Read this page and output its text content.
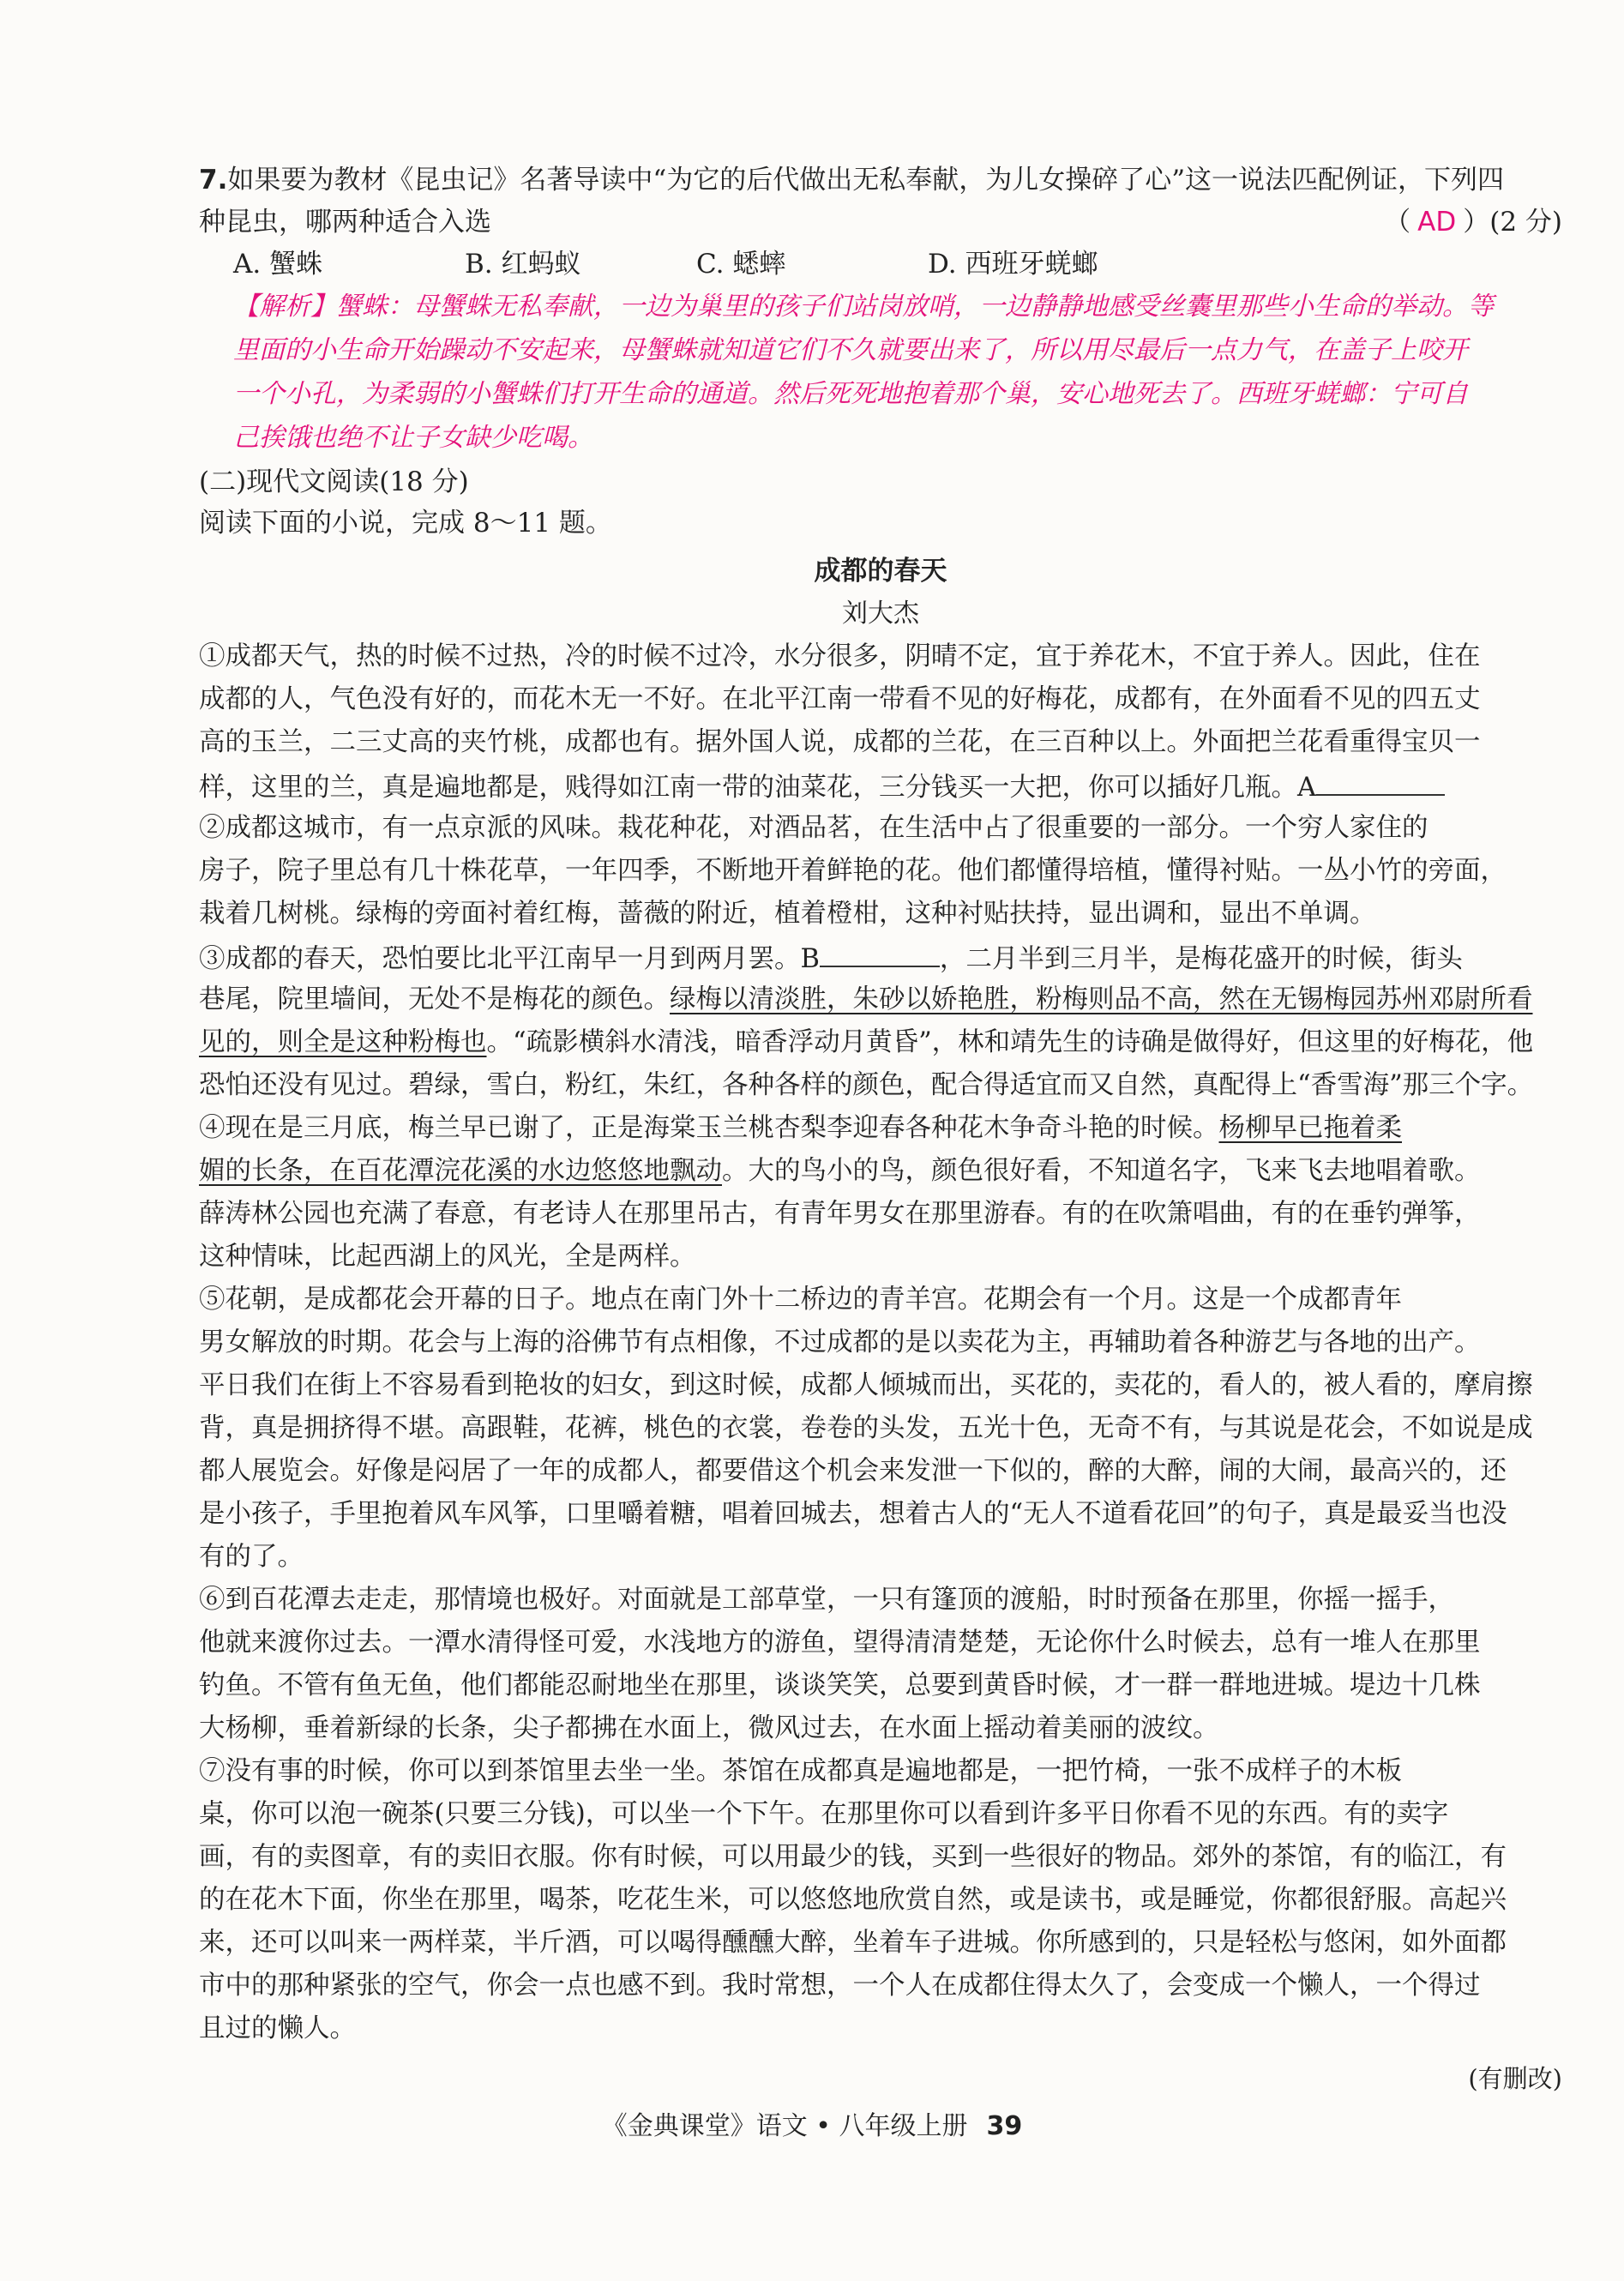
7.如果要为教材《昆虫记》名著导读中“为它的后代做出无私奉献，为儿女操碎了心”这一说法匹配例证，下列四
种昆虫，哪两种适合入选	（ AD ）(2 分)
A. 蟹蛛	B. 红蚂蚁	C. 蟋蟀	D. 西班牙蜣螂
【解析】蟹蛛：母蟹蛛无私奉献，一边为巢里的孩子们站岗放哨，一边静静地感受丝囊里那些小生命的举动。等
里面的小生命开始躁动不安起来，母蟹蛛就知道它们不久就要出来了，所以用尽最后一点力气，在盖子上咬开
一个小孔，为柔弱的小蟹蛛们打开生命的通道。然后死死地抱着那个巢，安心地死去了。西班牙蜣螂：宁可自
己挨饿也绝不让子女缺少吃喝。
(二)现代文阅读(18 分)
阅读下面的小说，完成 8～11 题。
成都的春天
刘大杰
①成都天气，热的时候不过热，冷的时候不过冷，水分很多，阴晴不定，宜于养花木，不宜于养人。因此，住在
成都的人，气色没有好的，而花木无一不好。在北平江南一带看不见的好梅花，成都有，在外面看不见的四五丈
高的玉兰，二三丈高的夹竹桃，成都也有。据外国人说，成都的兰花，在三百种以上。外面把兰花看重得宝贝一
样，这里的兰，真是遍地都是，贱得如江南一带的油菜花，三分钱买一大把，你可以插好几瓶。A
②成都这城市，有一点京派的风味。栽花种花，对酒品茗，在生活中占了很重要的一部分。一个穷人家住的
房子，院子里总有几十株花草，一年四季，不断地开着鲜艳的花。他们都懂得培植，懂得衬贴。一丛小竹的旁面，
栽着几树桃。绿梅的旁面衬着红梅，蔷薇的附近，植着橙柑，这种衬贴扶持，显出调和，显出不单调。
③成都的春天，恐怕要比北平江南早一月到两月罢。B	，二月半到三月半，是梅花盛开的时候，街头
巷尾，院里墙间，无处不是梅花的颜色。绿梅以清淡胜，朱砂以娇艳胜，粉梅则品不高，然在无锡梅园苏州邓尉所看
见的，则全是这种粉梅也。“疏影横斜水清浅，暗香浮动月黄昏”，林和靖先生的诗确是做得好，但这里的好梅花，他
恐怕还没有见过。碧绿，雪白，粉红，朱红，各种各样的颜色，配合得适宜而又自然，真配得上“香雪海”那三个字。
④现在是三月底，梅兰早已谢了，正是海棠玉兰桃杏梨李迎春各种花木争奇斗艳的时候。杨柳早已拖着柔
媚的长条，在百花潭浣花溪的水边悠悠地飘动。大的鸟小的鸟，颜色很好看，不知道名字，飞来飞去地唱着歌。
薛涛林公园也充满了春意，有老诗人在那里吊古，有青年男女在那里游春。有的在吹箫唱曲，有的在垂钓弹筝，
这种情味，比起西湖上的风光，全是两样。
⑤花朝，是成都花会开幕的日子。地点在南门外十二桥边的青羊宫。花期会有一个月。这是一个成都青年
男女解放的时期。花会与上海的浴佛节有点相像，不过成都的是以卖花为主，再辅助着各种游艺与各地的出产。
平日我们在街上不容易看到艳妆的妇女，到这时候，成都人倾城而出，买花的，卖花的，看人的，被人看的，摩肩擦
背，真是拥挤得不堪。高跟鞋，花裤，桃色的衣裳，卷卷的头发，五光十色，无奇不有，与其说是花会，不如说是成
都人展览会。好像是闷居了一年的成都人，都要借这个机会来发泄一下似的，醉的大醉，闹的大闹，最高兴的，还
是小孩子，手里抱着风车风筝，口里嚼着糖，唱着回城去，想着古人的“无人不道看花回”的句子，真是最妥当也没
有的了。
⑥到百花潭去走走，那情境也极好。对面就是工部草堂，一只有篷顶的渡船，时时预备在那里，你摇一摇手，
他就来渡你过去。一潭水清得怪可爱，水浅地方的游鱼，望得清清楚楚，无论你什么时候去，总有一堆人在那里
钓鱼。不管有鱼无鱼，他们都能忍耐地坐在那里，谈谈笑笑，总要到黄昏时候，才一群一群地进城。堤边十几株
大杨柳，垂着新绿的长条，尖子都拂在水面上，微风过去，在水面上摇动着美丽的波纹。
⑦没有事的时候，你可以到茶馆里去坐一坐。茶馆在成都真是遍地都是，一把竹椅，一张不成样子的木板
桌，你可以泡一碗茶(只要三分钱)，可以坐一个下午。在那里你可以看到许多平日你看不见的东西。有的卖字
画，有的卖图章，有的卖旧衣服。你有时候，可以用最少的钱，买到一些很好的物品。郊外的茶馆，有的临江，有
的在花木下面，你坐在那里，喝茶，吃花生米，可以悠悠地欣赏自然，或是读书，或是睡觉，你都很舒服。高起兴
来，还可以叫来一两样菜，半斤酒，可以喝得醺醺大醉，坐着车子进城。你所感到的，只是轻松与悠闲，如外面都
市中的那种紧张的空气，你会一点也感不到。我时常想，一个人在成都住得太久了，会变成一个懒人，一个得过
且过的懒人。
(有删改)
《金典课堂》语文 • 八年级上册 39
